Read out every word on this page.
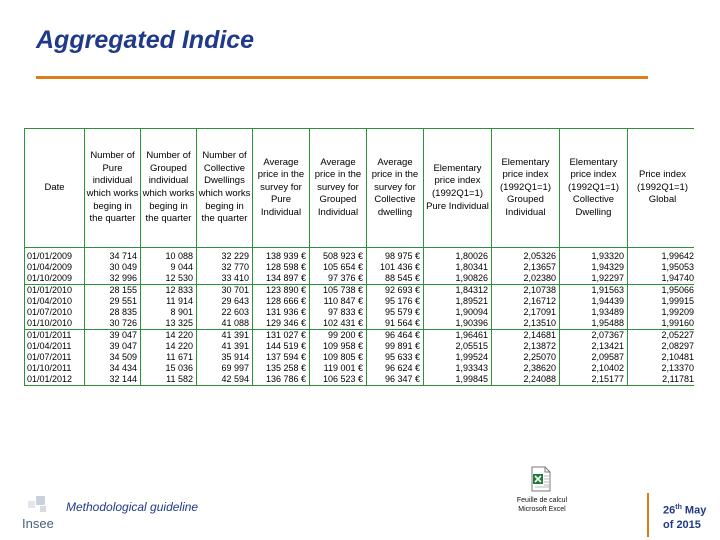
Aggregated Indice
Date	Number of Pure individual which works beging in the quarter	Number of Grouped individual which works beging in the quarter	Number of Collective Dwellings which works beging in the quarter	Average price in the survey for Pure Individual	Average price in the survey for Grouped Individual	Average price in the survey for Collective dwelling	Elementary price index (1992Q1=1) Pure Individual	Elementary price index (1992Q1=1) Grouped Individual	Elementary price index (1992Q1=1) Collective Dwelling	Price index (1992Q1=1) Global
01/01/2009	34 714	10 088	32 229	138 939 €	508 923 €	98 975 €	1,80026	2,05326	1,93320	1,99642
01/04/2009	30 049	9 044	32 770	128 598 €	105 654 €	101 436 €	1,80341	2,13657	1,94329	1,95053
01/10/2009	32 996	12 530	33 410	134 897 €	97 376 €	88 545 €	1,90826	2,02380	1,92297	1,94740
01/01/2010	28 155	12 833	30 701	123 890 €	105 738 €	92 693 €	1,84312	2,10738	1,91563	1,95066
01/04/2010	29 551	11 914	29 643	128 666 €	110 847 €	95 176 €	1,89521	2,16712	1,94439	1,99915
01/07/2010	28 835	8 901	22 603	131 936 €	97 833 €	95 579 €	1,90094	2,17091	1,93489	1,99209
01/10/2010	30 726	13 325	41 088	129 346 €	102 431 €	91 564 €	1,90396	2,13510	1,95488	1,99160
01/01/2011	39 047	14 220	41 391	131 027 €	99 200 €	96 464 €	1,96461	2,14681	2,07367	2,05227
01/04/2011	39 047	14 220	41 391	144 519 €	109 958 €	99 891 €	2,05515	2,13872	2,13421	2,08297
01/07/2011	34 509	11 671	35 914	137 594 €	109 805 €	95 633 €	1,99524	2,25070	2,09587	2,10481
01/10/2011	34 434	15 036	69 997	135 258 €	119 001 €	96 624 €	1,93343	2,38620	2,10402	2,13370
01/01/2012	32 144	11 582	42 594	136 786 €	106 523 €	96 347 €	1,99845	2,24088	2,15177	2,11781
Insee
Methodological guideline	Feuille de calcul
Microsoft Excel	26th May
of 2015
